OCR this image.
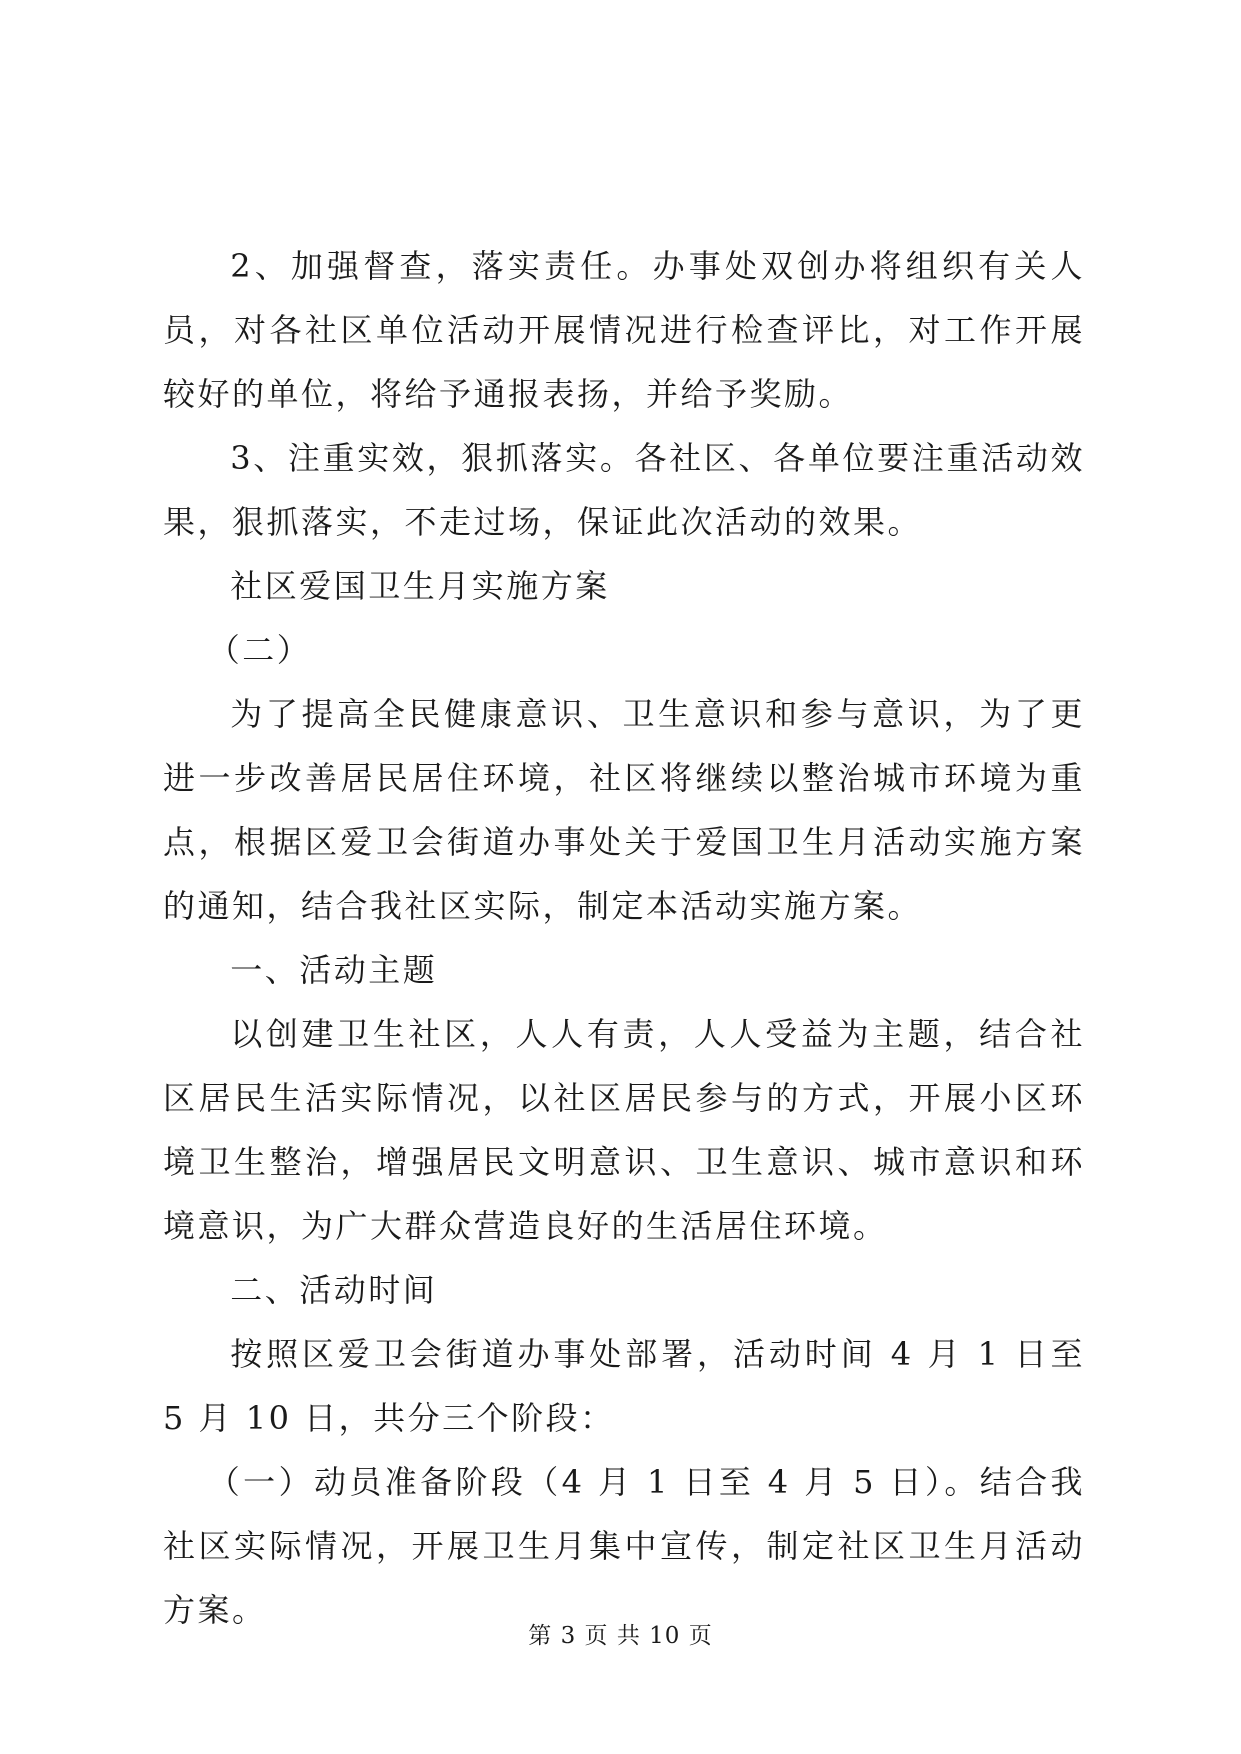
2、加强督查，落实责任。办事处双创办将组织有关人员，对各社区单位活动开展情况进行检查评比，对工作开展较好的单位，将给予通报表扬，并给予奖励。

3、注重实效，狠抓落实。各社区、各单位要注重活动效果，狠抓落实，不走过场，保证此次活动的效果。

社区爱国卫生月实施方案

（二）

为了提高全民健康意识、卫生意识和参与意识，为了更进一步改善居民居住环境，社区将继续以整治城市环境为重点，根据区爱卫会街道办事处关于爱国卫生月活动实施方案的通知，结合我社区实际，制定本活动实施方案。

一、活动主题

以创建卫生社区，人人有责，人人受益为主题，结合社区居民生活实际情况，以社区居民参与的方式，开展小区环境卫生整治，增强居民文明意识、卫生意识、城市意识和环境意识，为广大群众营造良好的生活居住环境。

二、活动时间

按照区爱卫会街道办事处部署，活动时间 4 月 1 日至 5 月 10 日，共分三个阶段：

（一）动员准备阶段（4 月 1 日至 4 月 5 日）。结合我社区实际情况，开展卫生月集中宣传，制定社区卫生月活动方案。

第 3 页 共 10 页
